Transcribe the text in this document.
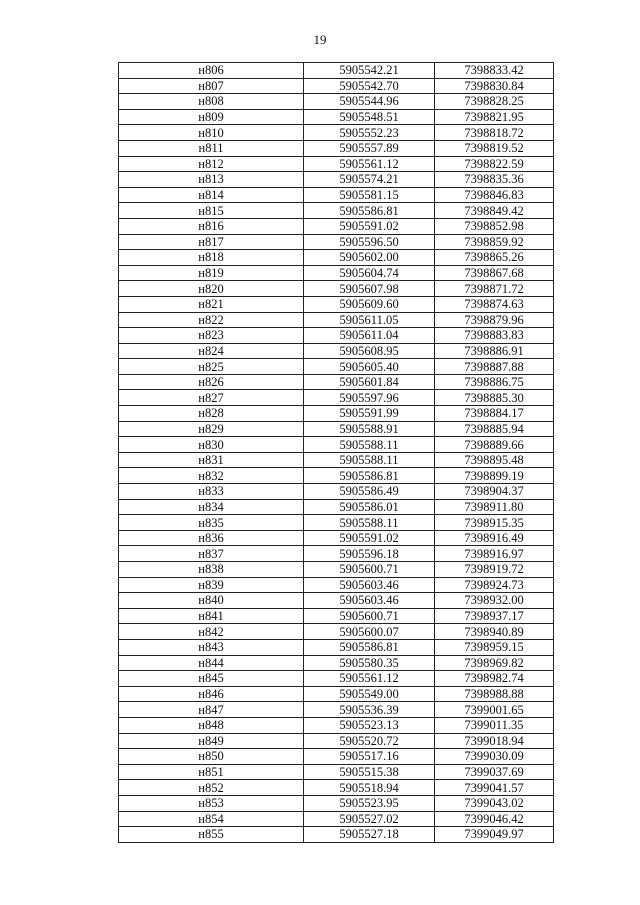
19
н806	5905542.21	7398833.42
н807	5905542.70	7398830.84
н808	5905544.96	7398828.25
н809	5905548.51	7398821.95
н810	5905552.23	7398818.72
н811	5905557.89	7398819.52
н812	5905561.12	7398822.59
н813	5905574.21	7398835.36
н814	5905581.15	7398846.83
н815	5905586.81	7398849.42
н816	5905591.02	7398852.98
н817	5905596.50	7398859.92
н818	5905602.00	7398865.26
н819	5905604.74	7398867.68
н820	5905607.98	7398871.72
н821	5905609.60	7398874.63
н822	5905611.05	7398879.96
н823	5905611.04	7398883.83
н824	5905608.95	7398886.91
н825	5905605.40	7398887.88
н826	5905601.84	7398886.75
н827	5905597.96	7398885.30
н828	5905591.99	7398884.17
н829	5905588.91	7398885.94
н830	5905588.11	7398889.66
н831	5905588.11	7398895.48
н832	5905586.81	7398899.19
н833	5905586.49	7398904.37
н834	5905586.01	7398911.80
н835	5905588.11	7398915.35
н836	5905591.02	7398916.49
н837	5905596.18	7398916.97
н838	5905600.71	7398919.72
н839	5905603.46	7398924.73
н840	5905603.46	7398932.00
н841	5905600.71	7398937.17
н842	5905600.07	7398940.89
н843	5905586.81	7398959.15
н844	5905580.35	7398969.82
н845	5905561.12	7398982.74
н846	5905549.00	7398988.88
н847	5905536.39	7399001.65
н848	5905523.13	7399011.35
н849	5905520.72	7399018.94
н850	5905517.16	7399030.09
н851	5905515.38	7399037.69
н852	5905518.94	7399041.57
н853	5905523.95	7399043.02
н854	5905527.02	7399046.42
н855	5905527.18	7399049.97
